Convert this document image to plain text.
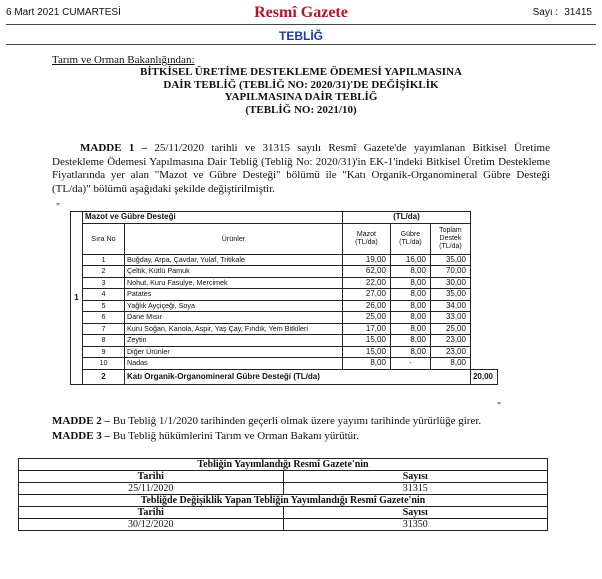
6 Mart 2021 CUMARTESİ	Resmî Gazete	Sayı : 31415
TEBLİĞ
Tarım ve Orman Bakanlığından:
BİTKİSEL ÜRETİME DESTEKLEME ÖDEMESİ YAPILMASINA
DAİR TEBLİĞ (TEBLİĞ NO: 2020/31)'DE DEĞİŞİKLİK
YAPILMASINA DAİR TEBLİĞ
(TEBLİĞ NO: 2021/10)
MADDE 1 – 25/11/2020 tarihli ve 31315 sayılı Resmî Gazete'de yayımlanan Bitkisel Üretime Destekleme Ödemesi Yapılmasına Dair Tebliğ (Tebliğ No: 2020/31)'in EK-1'indeki Bitkisel Üretim Destekleme Fiyatlarında yer alan "Mazot ve Gübre Desteği" bölümü ile "Katı Organik-Organomineral Gübre Desteği (TL/da)" bölümü aşağıdaki şekilde değiştirilmiştir.
"
1	Mazot ve Gübre Desteği		(TL/da)			
	Sıra No	Ürünler	Mazot (TL/da)	Gübre (TL/da)	Toplam Destek (TL/da)	
	1	Buğday, Arpa, Çavdar, Yulaf, Tritikale	19,00	16,00	35,00	
	2	Çeltik, Kütlü Pamuk	62,00	8,00	70,00	
	3	Nohut, Kuru Fasulye, Mercimek	22,00	8,00	30,00	
	4	Patates	27,00	8,00	35,00	
	5	Yağlık Ayçiçeği, Soya	26,00	8,00	34,00	
	6	Dane Mısır	25,00	8,00	33,00	
	7	Kuru Soğan, Kanola, Aspir, Yaş Çay, Fındık, Yem Bitkileri	17,00	8,00	25,00	
	8	Zeytin	15,00	8,00	23,00	
	9	Diğer Ürünler	15,00	8,00	23,00	
	10	Nadas	8,00	-	8,00	
	2	Katı Organik-Organomineral Gübre Desteği (TL/da)				20,00
"
MADDE 2 – Bu Tebliğ 1/1/2020 tarihinden geçerli olmak üzere yayımı tarihinde yürürlüğe girer.
MADDE 3 – Bu Tebliğ hükümlerini Tarım ve Orman Bakanı yürütür.
Tebliğin Yayımlandığı Resmî Gazete'nin	
Tarihi	Sayısı
25/11/2020	31315
Tebliğde Değişiklik Yapan Tebliğin Yayımlandığı Resmî Gazete'nin	
Tarihi	Sayısı
30/12/2020	31350
